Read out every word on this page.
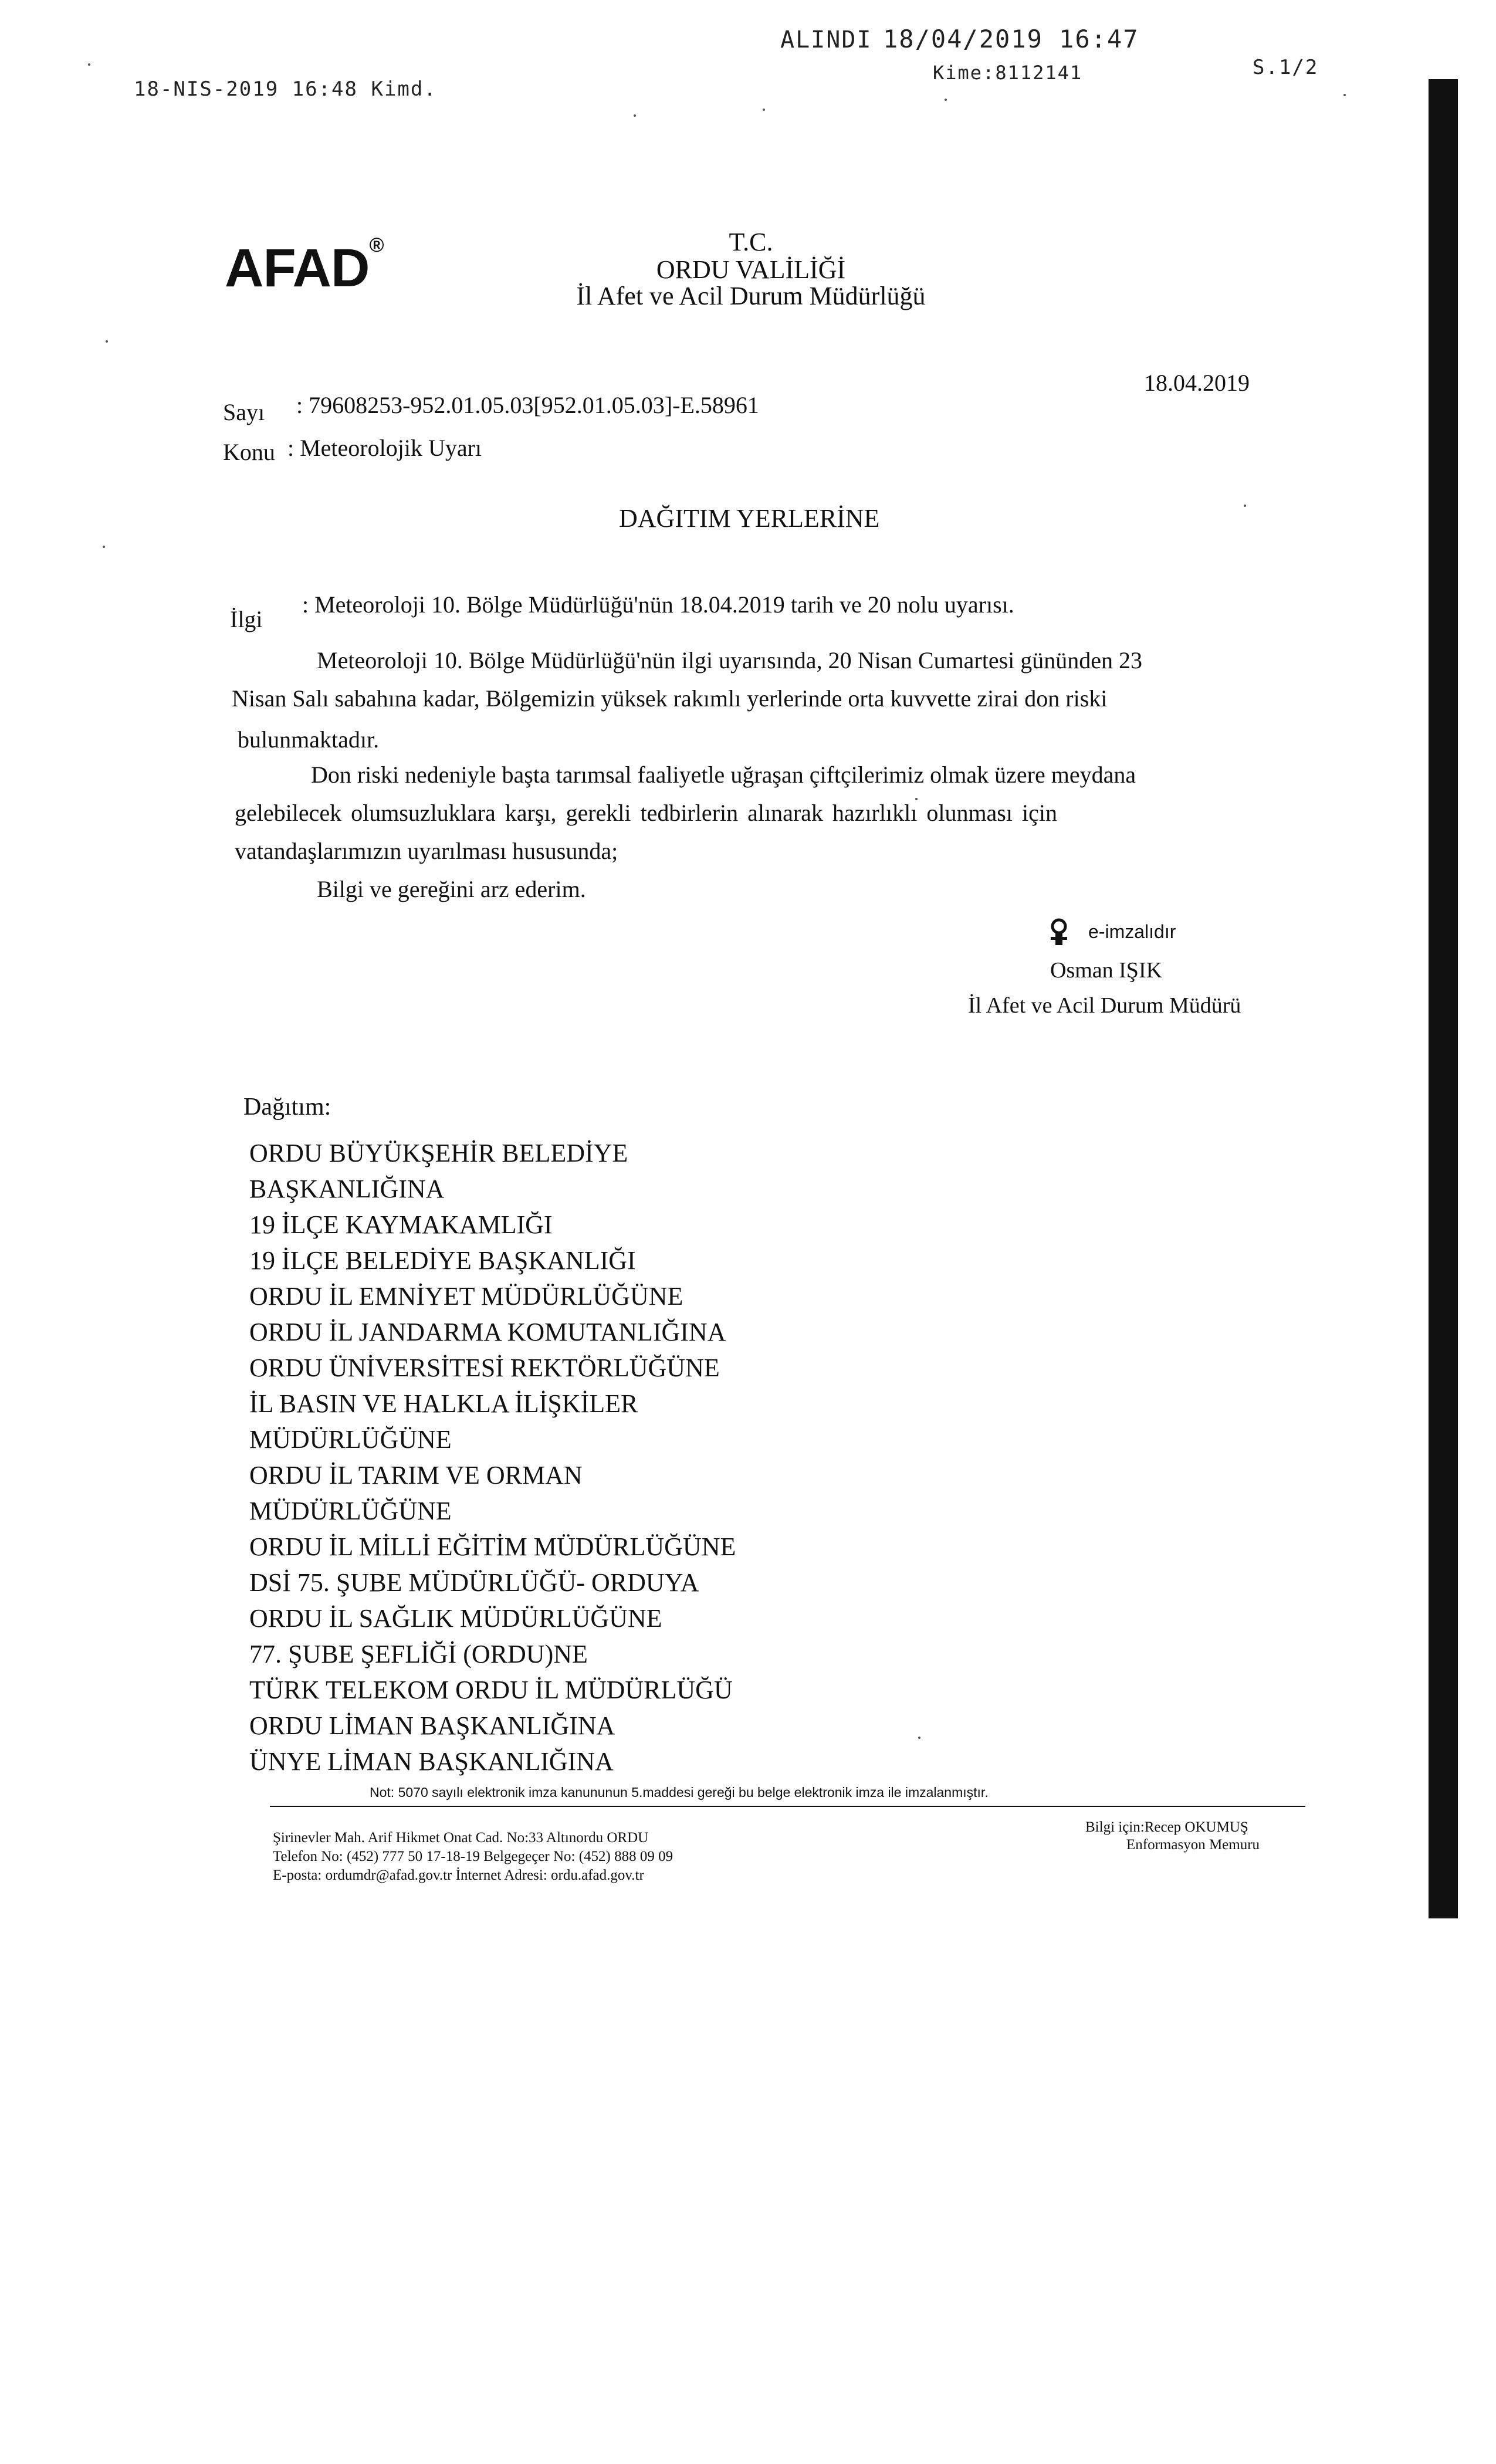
18-NIS-2019 16:48 Kimd.
ALINDI 18/04/2019 16:47
Kime:8112141	S.1/2
AFAD®	T.C.
ORDU VALİLİĞİ
İl Afet ve Acil Durum Müdürlüğü
Sayı : 79608253-952.01.05.03[952.01.05.03]-E.58961
18.04.2019
Konu : Meteorolojik Uyarı
DAĞITIM YERLERİNE
İlgi
: Meteoroloji 10. Bölge Müdürlüğü'nün 18.04.2019 tarih ve 20 nolu uyarısı.
Meteoroloji 10. Bölge Müdürlüğü'nün ilgi uyarısında, 20 Nisan Cumartesi gününden 23
Nisan Salı sabahına kadar, Bölgemizin yüksek rakımlı yerlerinde orta kuvvette zirai don riski
bulunmaktadır.
Don riski nedeniyle başta tarımsal faaliyetle uğraşan çiftçilerimiz olmak üzere meydana
gelebilecek olumsuzluklara karşı, gerekli tedbirlerin alınarak hazırlıklı olunması için
vatandaşlarımızın uyarılması hususunda;
Bilgi ve gereğini arz ederim.
e-imzalıdır
Osman IŞIK
İl Afet ve Acil Durum Müdürü
Dağıtım:
ORDU BÜYÜKŞEHİR BELEDİYE
BAŞKANLIĞINA
19 İLÇE KAYMAKAMLIĞI
19 İLÇE BELEDİYE BAŞKANLIĞI
ORDU İL EMNİYET MÜDÜRLÜĞÜNE
ORDU İL JANDARMA KOMUTANLIĞINA
ORDU ÜNİVERSİTESİ REKTÖRLÜĞÜNE
İL BASIN VE HALKLA İLİŞKİLER
MÜDÜRLÜĞÜNE
ORDU İL TARIM VE ORMAN
MÜDÜRLÜĞÜNE
ORDU İL MİLLİ EĞİTİM MÜDÜRLÜĞÜNE
DSİ 75. ŞUBE MÜDÜRLÜĞÜ- ORDUYA
ORDU İL SAĞLIK MÜDÜRLÜĞÜNE
77. ŞUBE ŞEFLİĞİ (ORDU)NE
TÜRK TELEKOM ORDU İL MÜDÜRLÜĞÜ
ORDU LİMAN BAŞKANLIĞINA
ÜNYE LİMAN BAŞKANLIĞINA
Not: 5070 sayılı elektronik imza kanununun 5.maddesi gereği bu belge elektronik imza ile imzalanmıştır.
Şirinevler Mah. Arif Hikmet Onat Cad. No:33 Altınordu ORDU
Telefon No: (452) 777 50 17-18-19 Belgegeçer No: (452) 888 09 09
E-posta: ordumdr@afad.gov.tr İnternet Adresi: ordu.afad.gov.tr
Bilgi için:Recep OKUMUŞ
Enformasyon Memuru
